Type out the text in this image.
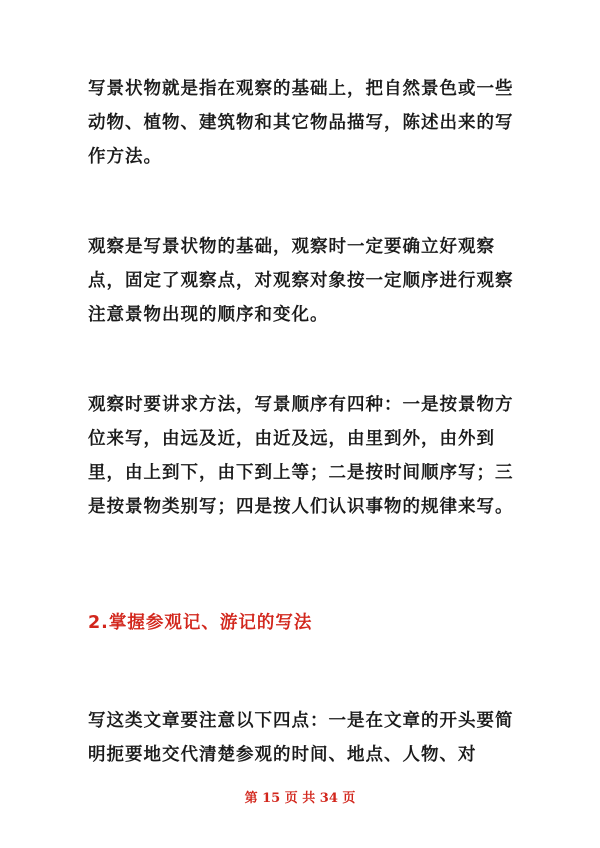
写景状物就是指在观察的基础上，把自然景色或一些动物、植物、建筑物和其它物品描写，陈述出来的写作方法。

观察是写景状物的基础，观察时一定要确立好观察点，固定了观察点，对观察对象按一定顺序进行观察注意景物出现的顺序和变化。

观察时要讲求方法，写景顺序有四种：一是按景物方位来写，由远及近，由近及远，由里到外，由外到里，由上到下，由下到上等；二是按时间顺序写；三是按景物类别写；四是按人们认识事物的规律来写。

2.掌握参观记、游记的写法

写这类文章要注意以下四点：一是在文章的开头要简明扼要地交代清楚参观的时间、地点、人物、对

第 15 页 共 34 页
